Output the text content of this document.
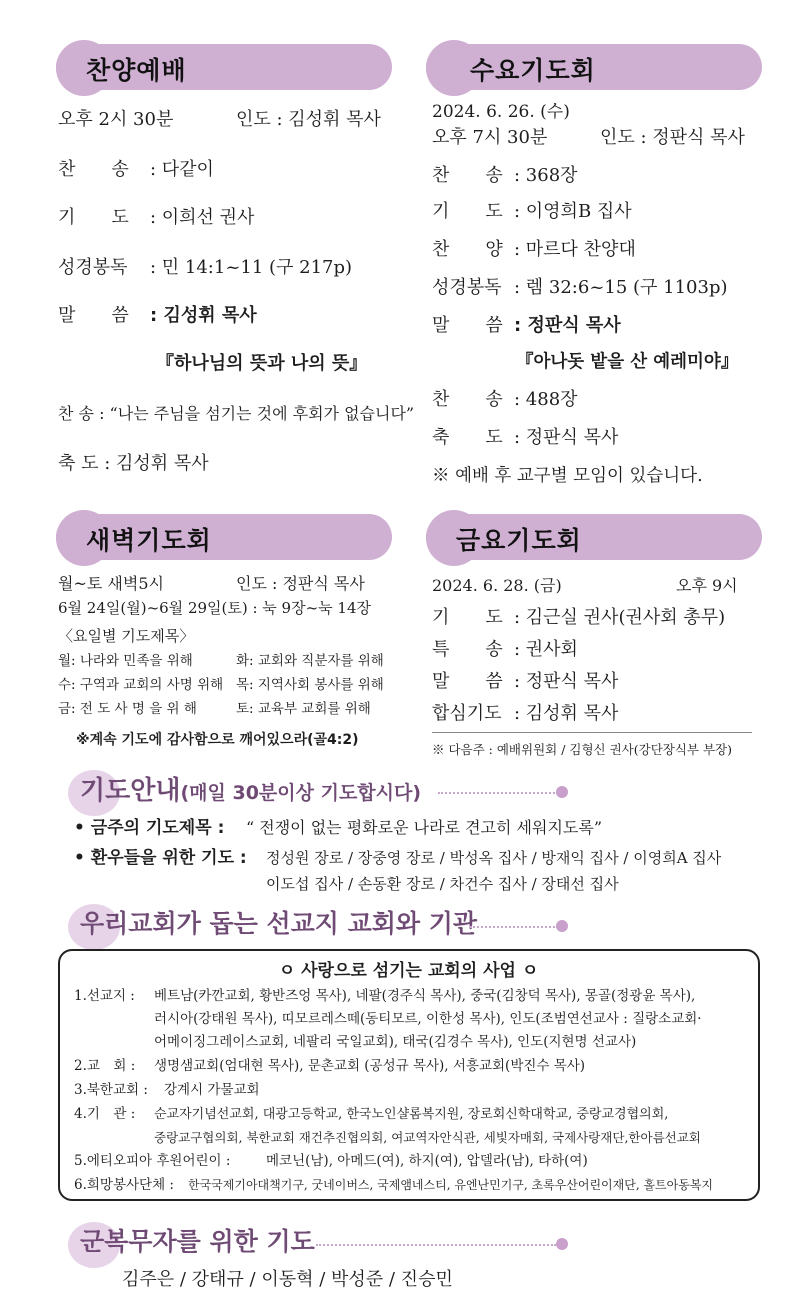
찬양예배	수요기도회
새벽기도회	금요기도회
오후 2시 30분	인도 : 김성휘 목사
찬　　송 : 다같이
기　　도 : 이희선 권사
성경봉독 : 민 14:1~11 (구 217p)
말　　씀 : 김성휘 목사
『하나님의 뜻과 나의 뜻』
찬 송 : “나는 주님을 섬기는 것에 후회가 없습니다”
축 도 : 김성휘 목사
2024. 6. 26. (수)
오후 7시 30분	인도 : 정판식 목사
찬　　송 : 368장
기　　도 : 이영희B 집사
찬　　양 : 마르다 찬양대
성경봉독 : 렘 32:6~15 (구 1103p)
말　　씀 : 정판식 목사
『아나돗 밭을 산 예레미야』
찬　　송 : 488장
축　　도 : 정판식 목사
※ 예배 후 교구별 모임이 있습니다.
월~토 새벽5시	인도 : 정판식 목사
6월 24일(월)~6월 29일(토) : 눅 9장~눅 14장
〈요일별 기도제목〉
월: 나라와 민족을 위해	화: 교회와 직분자를 위해
수: 구역과 교회의 사명 위해 목: 지역사회 봉사를 위해
금: 전 도 사 명 을 위 해	토: 교육부 교회를 위해
※계속 기도에 감사함으로 깨어있으라(골4:2)
2024. 6. 28. (금)	오후 9시
기　　도 : 김근실 권사(권사회 총무)
특　　송 : 권사회
말　　씀 : 정판식 목사
합심기도 : 김성휘 목사
※ 다음주 : 예배위원회 / 김형신 권사(강단장식부 부장)
기도안내(매일 30분이상 기도합시다)
• 금주의 기도제목 : “ 전쟁이 없는 평화로운 나라로 견고히 세워지도록”
• 환우들을 위한 기도 : 정성원 장로 / 장중영 장로 / 박성옥 집사 / 방재익 집사 / 이영희A 집사
이도섭 집사 / 손동환 장로 / 차건수 집사 / 장태선 집사
우리교회가 돕는 선교지 교회와 기관
ㅇ 사랑으로 섬기는 교회의 사업 ㅇ
1.선교지 : 베트남(카깐교회, 황반즈엉 목사), 네팔(경주식 목사), 중국(김창덕 목사), 몽골(정광윤 목사),
러시아(강태원 목사), 띠모르레스떼(동티모르, 이한성 목사), 인도(조범연선교사 : 질랑소교회·
어메이징그레이스교회, 네팔리 국일교회), 태국(김경수 목사), 인도(지현명 선교사)
2.교　회 : 생명샘교회(엄대현 목사), 문촌교회 (공성규 목사), 서흥교회(박진수 목사)
3.북한교회 : 강계시 가물교회
4.기　관 : 순교자기념선교회, 대광고등학교, 한국노인샬롬복지원, 장로회신학대학교, 중랑교경협의회,
중랑교구협의회, 북한교회 재건추진협의회, 여교역자안식관, 세빛자매회, 국제사랑재단,한아름선교회
5.에티오피아 후원어린이 :	메코닌(남), 아메드(여), 하지(여), 압델라(남), 타하(여)
6.희망봉사단체 : 한국국제기아대책기구, 굿네이버스, 국제앰네스티, 유엔난민기구, 초록우산어린이재단, 홀트아동복지
군복무자를 위한 기도
김주은 / 강태규 / 이동혁 / 박성준 / 진승민
